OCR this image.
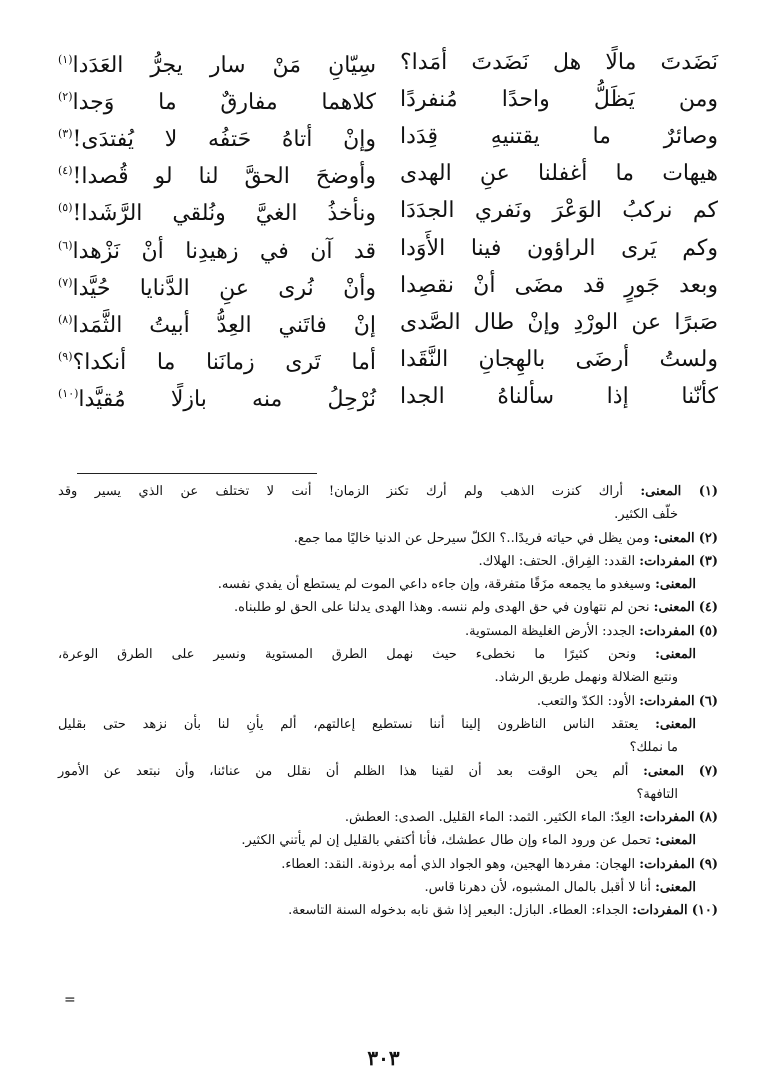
نَضَدتَ مالًا هل نَضَدتَ أمَدا؟
سِيّانِ مَنْ سار يجرُّ العَدَدا$^{(١)}$
ومن يَظَلُّ واحدًا مُنفردًا
كلاهما مفارقٌ ما وَجدا$^{(٢)}$
وصائرٌ ما يقتنيهِ قِدَدا
وإنْ أتاهُ حَتفُه لا يُفتدَى!$^{(٣)}$
هيهات ما أغفلنا عنِ الهدى
وأوضحَ الحقَّ لنا لو قُصدا!$^{(٤)}$
كم نركبُ الوَعْرَ ونَفري الجدَدَا
ونأخذُ الغيَّ ونُلقي الرَّشَدا!$^{(٥)}$
وكم يَرى الراؤون فينا الأَوَدا
قد آن في زهيدِنا أنْ نَزْهدا$^{(٦)}$
وبعد جَورٍ قد مضَى أنْ نقصِدا
وأنْ نُرى عنِ الدَّنايا حُيَّدا$^{(٧)}$
صَبرًا عن الورْدِ وإنْ طال الصَّدى
إنْ فاتَني العِدُّ أبيتُ الثَّمَدا$^{(٨)}$
ولستُ أرضَى بالهِجانِ النَّقَدا
أما تَرى زمانَنا ما أنكدا؟$^{(٩)}$
كأنّنا إذا سألناهُ الجدا
نُرْحِلُ منه بازلًا مُقيَّدا$^{(١٠)}$
(١) المعنى: أراك كنزت الذهب ولم أرك تكنز الزمان! أنت لا تختلف عن الذي يسير وقد
خلّف الكثير.
(٢) المعنى: ومن يظل في حياته فريدًا..؟ الكلّ سيرحل عن الدنيا خاليًا مما جمع.
(٣) المفردات: القدد: الفِراق. الحتف: الهلاك.
المعنى: وسيغدو ما يجمعه مزَقًا متفرقة، وإن جاءه داعي الموت لم يستطع أن يفدي نفسه.
(٤) المعنى: نحن لم نتهاون في حق الهدى ولم ننسه. وهذا الهدى يدلنا على الحق لو طلبناه.
(٥) المفردات: الجدد: الأرض الغليظة المستوية.
المعنى: ونحن كثيرًا ما نخطىء حيث نهمل الطرق المستوية ونسير على الطرق الوعرة،
ونتبع الضلالة ونهمل طريق الرشاد.
(٦) المفردات: الأود: الكدّ والتعب.
المعنى: يعتقد الناس الناظرون إلينا أننا نستطيع إعالتهم، ألم يأنِ لنا بأن نزهد حتى بقليل
ما نملك؟
(٧) المعنى: ألم يحن الوقت بعد أن لقينا هذا الظلم أن نقلل من عنائنا، وأن نبتعد عن الأمور
التافهة؟
(٨) المفردات: العِدّ: الماء الكثير. الثمد: الماء القليل. الصدى: العطش.
المعنى: تحمل عن ورود الماء وإن طال عطشك، فأنا أكتفي بالقليل إن لم يأتني الكثير.
(٩) المفردات: الهجان: مفردها الهجين، وهو الجواد الذي أمه برذونة. النقد: العطاء.
المعنى: أنا لا أقبل بالمال المشبوه، لأن دهرنا قاس.
(١٠) المفردات: الجداء: العطاء. البازل: البعير إذا شق نابه بدخوله السنة التاسعة.
=
٣٠٣
